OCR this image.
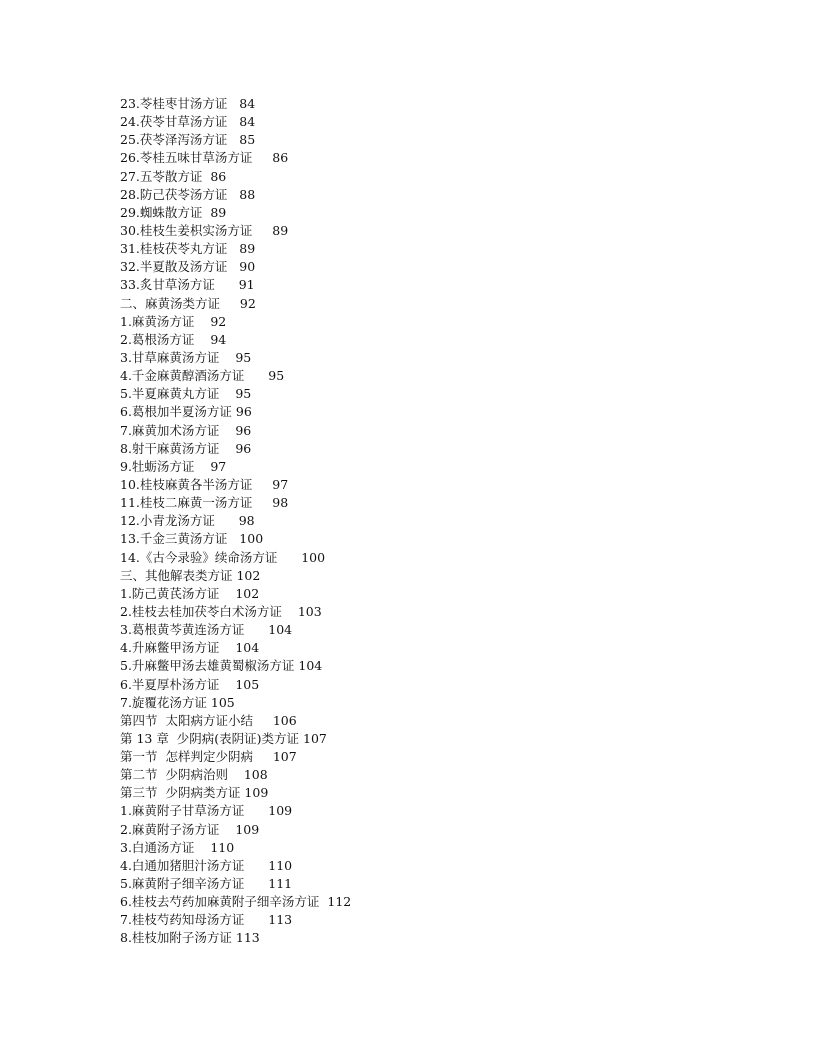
23.苓桂枣甘汤方证   84
24.茯苓甘草汤方证   84
25.茯苓泽泻汤方证   85
26.苓桂五味甘草汤方证     86
27.五苓散方证  86
28.防己茯苓汤方证   88
29.蜘蛛散方证  89
30.桂枝生姜枳实汤方证     89
31.桂枝茯苓丸方证   89
32.半夏散及汤方证   90
33.炙甘草汤方证      91
二、麻黄汤类方证     92
1.麻黄汤方证    92
2.葛根汤方证    94
3.甘草麻黄汤方证    95
4.千金麻黄醇酒汤方证      95
5.半夏麻黄丸方证    95
6.葛根加半夏汤方证 96
7.麻黄加术汤方证    96
8.射干麻黄汤方证    96
9.牡蛎汤方证    97
10.桂枝麻黄各半汤方证     97
11.桂枝二麻黄一汤方证     98
12.小青龙汤方证      98
13.千金三黄汤方证   100
14.《古今录验》续命汤方证      100
三、其他解表类方证 102
1.防己黄芪汤方证    102
2.桂枝去桂加茯苓白术汤方证    103
3.葛根黄芩黄连汤方证      104
4.升麻鳖甲汤方证    104
5.升麻鳖甲汤去雄黄蜀椒汤方证 104
6.半夏厚朴汤方证    105
7.旋覆花汤方证 105
第四节  太阳病方证小结     106
第 13 章  少阴病(表阴证)类方证 107
第一节  怎样判定少阴病     107
第二节  少阴病治则    108
第三节  少阴病类方证 109
1.麻黄附子甘草汤方证      109
2.麻黄附子汤方证    109
3.白通汤方证    110
4.白通加猪胆汁汤方证      110
5.麻黄附子细辛汤方证      111
6.桂枝去芍药加麻黄附子细辛汤方证  112
7.桂枝芍药知母汤方证      113
8.桂枝加附子汤方证 113
